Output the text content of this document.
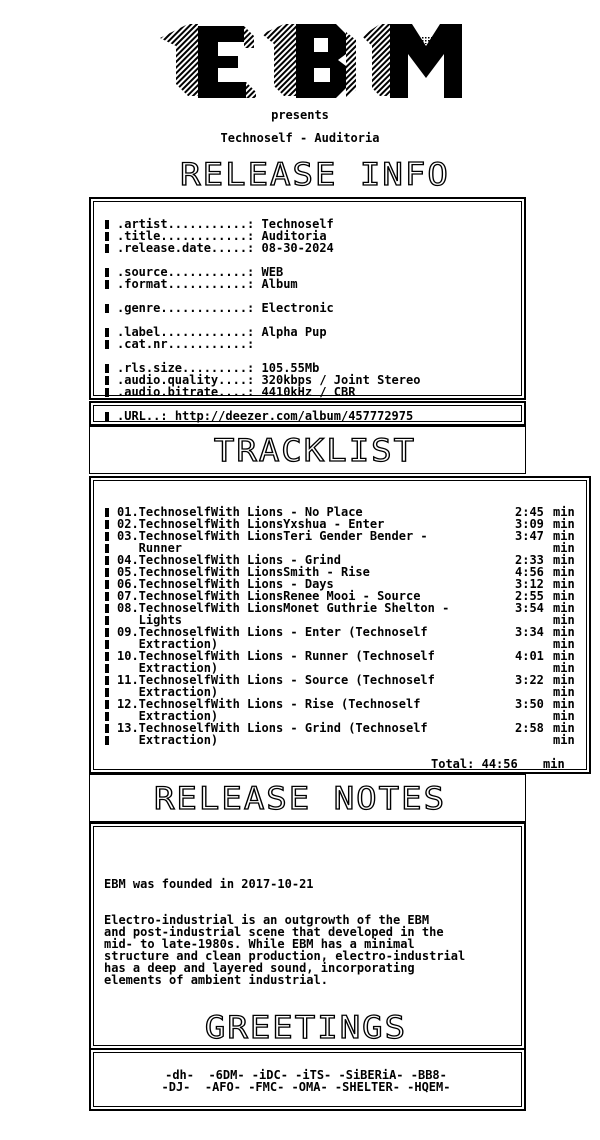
presents
Technoself - Auditoria
RELEASE INFO
.artist...........: Technoself
.title............: Auditoria
.release.date.....: 08-30-2024
.source...........: WEB
.format...........: Album
.genre............: Electronic
.label............: Alpha Pup
.cat.nr...........:
.rls.size.........: 105.55Mb
.audio.quality....: 320kbps / Joint Stereo
.audio.bitrate....: 4410kHz / CBR
.URL..: http://deezer.com/album/457772975
TRACKLIST
01.TechnoselfWith Lions - No Place	2:45 min
02.TechnoselfWith LionsYxshua - Enter	3:09 min
03.TechnoselfWith LionsTeri Gender Bender -	3:47 min
Runner	min
04.TechnoselfWith Lions - Grind	2:33 min
05.TechnoselfWith LionsSmith - Rise	4:56 min
06.TechnoselfWith Lions - Days	3:12 min
07.TechnoselfWith LionsRenee Mooi - Source	2:55 min
08.TechnoselfWith LionsMonet Guthrie Shelton -	3:54 min
Lights	min
09.TechnoselfWith Lions - Enter (Technoself	3:34 min
Extraction)	min
10.TechnoselfWith Lions - Runner (Technoself	4:01 min
Extraction)	min
11.TechnoselfWith Lions - Source (Technoself	3:22 min
Extraction)	min
12.TechnoselfWith Lions - Rise (Technoself	3:50 min
Extraction)	min
13.TechnoselfWith Lions - Grind (Technoself	2:58 min
Extraction)	min
Total: 44:56 min
RELEASE NOTES
EBM was founded in 2017-10-21
Electro-industrial is an outgrowth of the EBM
and post-industrial scene that developed in the
mid- to late-1980s. While EBM has a minimal
structure and clean production, electro-industrial
has a deep and layered sound, incorporating
elements of ambient industrial.
GREETINGS
-dh-  -6DM- -iDC- -iTS- -SiBERiA- -BB8-
-DJ-  -AFO- -FMC- -OMA- -SHELTER- -HQEM-
